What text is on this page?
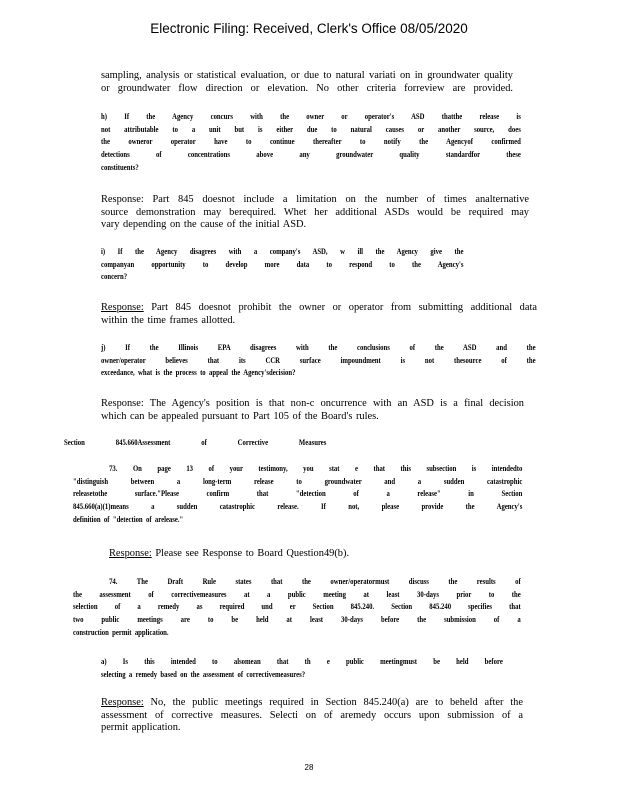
Electronic Filing: Received, Clerk's Office 08/05/2020
sampling, analysis or statistical evaluation, or due to natural variati on in groundwater quality
or groundwater flow direction or elevation. No other criteria forreview are provided.
h) If the Agency concurs with the owner or operator's ASD thatthe release is
not attributable to a unit but is either due to natural causes or another source, does
the owneror operator have to continue thereafter to notify the Agencyof confirmed
detections of concentrations above any groundwater quality standardfor these
constituents?
Response: Part 845 doesnot include a limitation on the number of times analternative
source demonstration may berequired. Whet her additional ASDs would be required may
vary depending on the cause of the initial ASD.
i) If the Agency disagrees with a company's ASD, w ill the Agency give the
companyan opportunity to develop more data to respond to the Agency's
concern?
Response: Part 845 doesnot prohibit the owner or operator from submitting additional data
within the time frames allotted.
j) If the Illinois EPA disagrees with the conclusions of the ASD and the
owner/operator believes that its CCR surface impoundment is not thesource of the
exceedance, what is the process to appeal the Agency'sdecision?
Response: The Agency's position is that non-c oncurrence with an ASD is a final decision
which can be appealed pursuant to Part 105 of the Board's rules.
Section 845.660Assessment of Corrective Measures
73. On page 13 of your testimony, you stat e that this subsection is intendedto
"distinguish between a long-term release to groundwater and a sudden catastrophic
releasetothe surface."Please confirm that "detection of a release" in Section
845.660(a)(1)means a sudden catastrophic release. If not, please provide the Agency's
definition of "detection of arelease."
Response: Please see Response to Board Question49(b).
74. The Draft Rule states that the owner/operatormust discuss the results of
the assessment of correctivemeasures at a public meeting at least 30-days prior to the
selection of a remedy as required und er Section 845.240. Section 845.240 specifies that
two public meetings are to be held at least 30-days before the submission of a
construction permit application.
a) Is this intended to alsomean that th e public meetingmust be held before
selecting a remedy based on the assessment of correctivemeasures?
Response: No, the public meetings required in Section 845.240(a) are to beheld after the
assessment of corrective measures. Selecti on of aremedy occurs upon submission of a
permit application.
28
